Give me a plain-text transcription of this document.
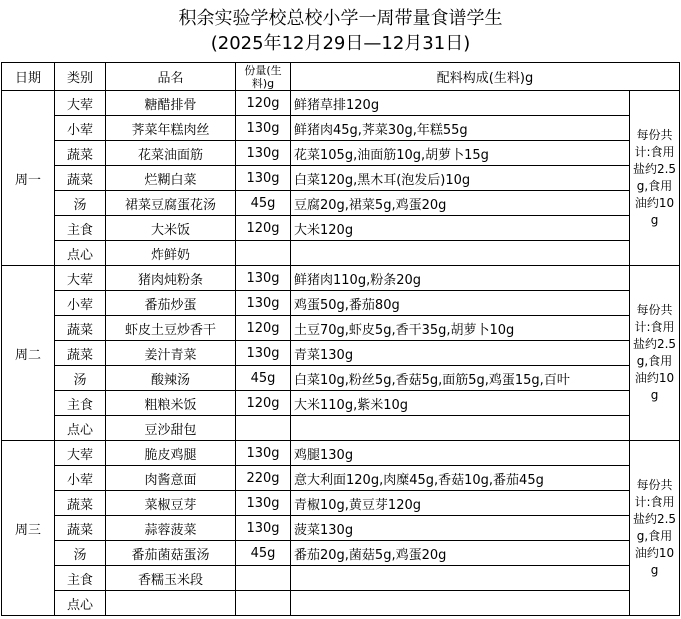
积余实验学校总校小学一周带量食谱学生
(2025年12月29日—12月31日)
日期	类别	品名	份量(生料)g	配料构成(生料)g	
周一	大荤	糖醋排骨	120g	鲜猪草排120g	每份共计:食用盐约2.5g,食用油约10g

	小荤	荠菜年糕肉丝	130g	鲜猪肉45g,荠菜30g,年糕55g	
	蔬菜	花菜油面筋	130g	花菜105g,油面筋10g,胡萝卜15g	
	蔬菜	烂糊白菜	130g	白菜120g,黑木耳(泡发后)10g	
	汤	裙菜豆腐蛋花汤	45g	豆腐20g,裙菜5g,鸡蛋20g	
	主食	大米饭	120g	大米120g	
	点心	炸鲜奶			
周二	大荤	猪肉炖粉条	130g	鲜猪肉110g,粉条20g	每份共计:食用盐约2.5g,食用油约10g

	小荤	番茄炒蛋	130g	鸡蛋50g,番茄80g	
	蔬菜	虾皮土豆炒香干	120g	土豆70g,虾皮5g,香干35g,胡萝卜10g	
	蔬菜	姜汁青菜	130g	青菜130g	
	汤	酸辣汤	45g	白菜10g,粉丝5g,香菇5g,面筋5g,鸡蛋15g,百叶	
	主食	粗粮米饭	120g	大米110g,紫米10g	
	点心	豆沙甜包			
周三	大荤	脆皮鸡腿	130g	鸡腿130g	每份共计:食用盐约2.5g,食用油约10g

	小荤	肉酱意面	220g	意大利面120g,肉糜45g,香菇10g,番茄45g	
	蔬菜	菜椒豆芽	130g	青椒10g,黄豆芽120g	
	蔬菜	蒜蓉菠菜	130g	菠菜130g	
	汤	番茄菌菇蛋汤	45g	番茄20g,菌菇5g,鸡蛋20g	
	主食	香糯玉米段			
	点心				
